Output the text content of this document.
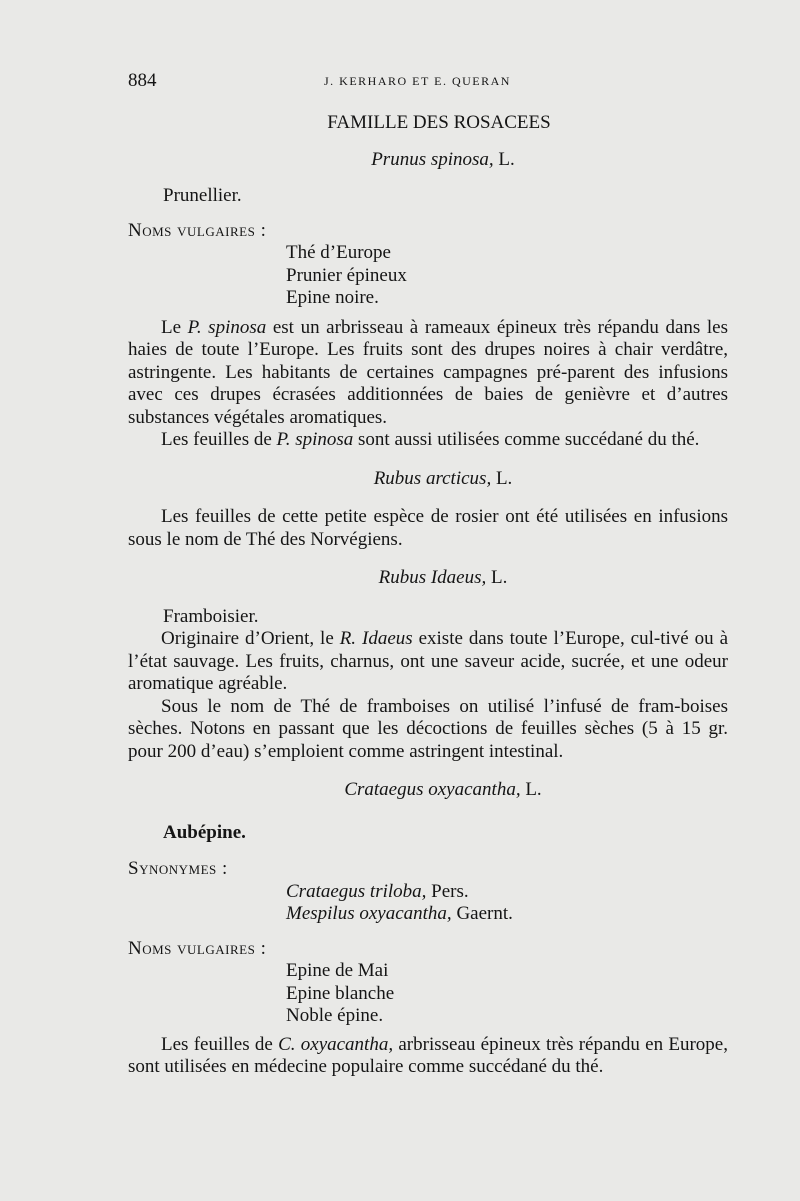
884	J. KERHARO ET E. QUERAN
FAMILLE DES ROSACEES
Prunus spinosa, L.
Prunellier.
Noms vulgaires :
Thé d’Europe
Prunier épineux
Epine noire.

Le P. spinosa est un arbrisseau à rameaux épineux très répandu dans les haies de toute l’Europe. Les fruits sont des drupes noires à chair verdâtre, astringente. Les habitants de certaines campagnes pré-parent des infusions avec ces drupes écrasées additionnées de baies de genièvre et d’autres substances végétales aromatiques.

Les feuilles de P. spinosa sont aussi utilisées comme succédané du thé.

Rubus arcticus, L.

Les feuilles de cette petite espèce de rosier ont été utilisées en infusions sous le nom de Thé des Norvégiens.

Rubus Idaeus, L.
Framboisier.

Originaire d’Orient, le R. Idaeus existe dans toute l’Europe, cul-tivé ou à l’état sauvage. Les fruits, charnus, ont une saveur acide, sucrée, et une odeur aromatique agréable.

Sous le nom de Thé de framboises on utilisé l’infusé de fram-boises sèches. Notons en passant que les décoctions de feuilles sèches (5 à 15 gr. pour 200 d’eau) s’emploient comme astringent intestinal.

Crataegus oxyacantha, L.
Aubépine.
Synonymes :
Crataegus triloba, Pers.
Mespilus oxyacantha, Gaernt.
Noms vulgaires :
Epine de Mai
Epine blanche
Noble épine.

Les feuilles de C. oxyacantha, arbrisseau épineux très répandu en Europe, sont utilisées en médecine populaire comme succédané du thé.
